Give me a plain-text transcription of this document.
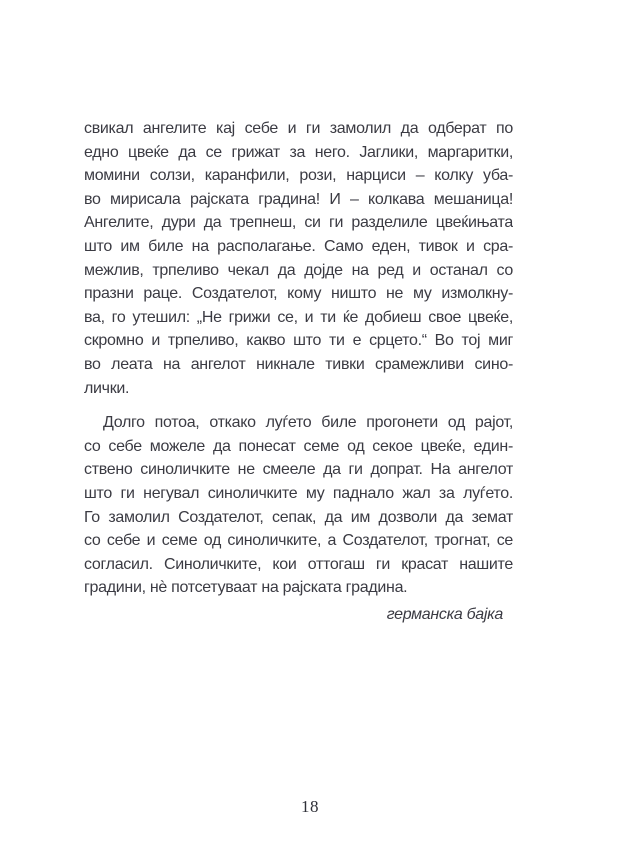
свикал ангелите кај себе и ги замолил да одберат по
едно цвеќе да се грижат за него. Јаглики, маргаритки,
момини солзи, каранфили, рози, нарциси – колку уба-
во мирисала рајската градина! И – колкава мешаница!
Ангелите, дури да трепнеш, си ги разделиле цвеќињата
што им биле на располагање. Само еден, тивок и сра-
межлив, трпеливо чекал да дојде на ред и останал со
празни раце. Создателот, кому ништо не му измолкну-
ва, го утешил: „Не грижи се, и ти ќе добиеш свое цвеќе,
скромно и трпеливо, какво што ти е срцето.“ Во тој миг
во леата на ангелот никнале тивки срамежливи сино-
лички.
Долго потоа, откако луѓето биле прогонети од рајот,
со себе можеле да понесат семе од секое цвеќе, един-
ствено синоличките не смееле да ги допрат. На ангелот
што ги негувал синоличките му паднало жал за луѓето.
Го замолил Создателот, сепак, да им дозволи да земат
со себе и семе од синоличките, а Создателот, трогнат, се
согласил. Синоличките, кои оттогаш ги красат нашите
градини, нѐ потсетуваат на рајската градина.
германска бајка
18
